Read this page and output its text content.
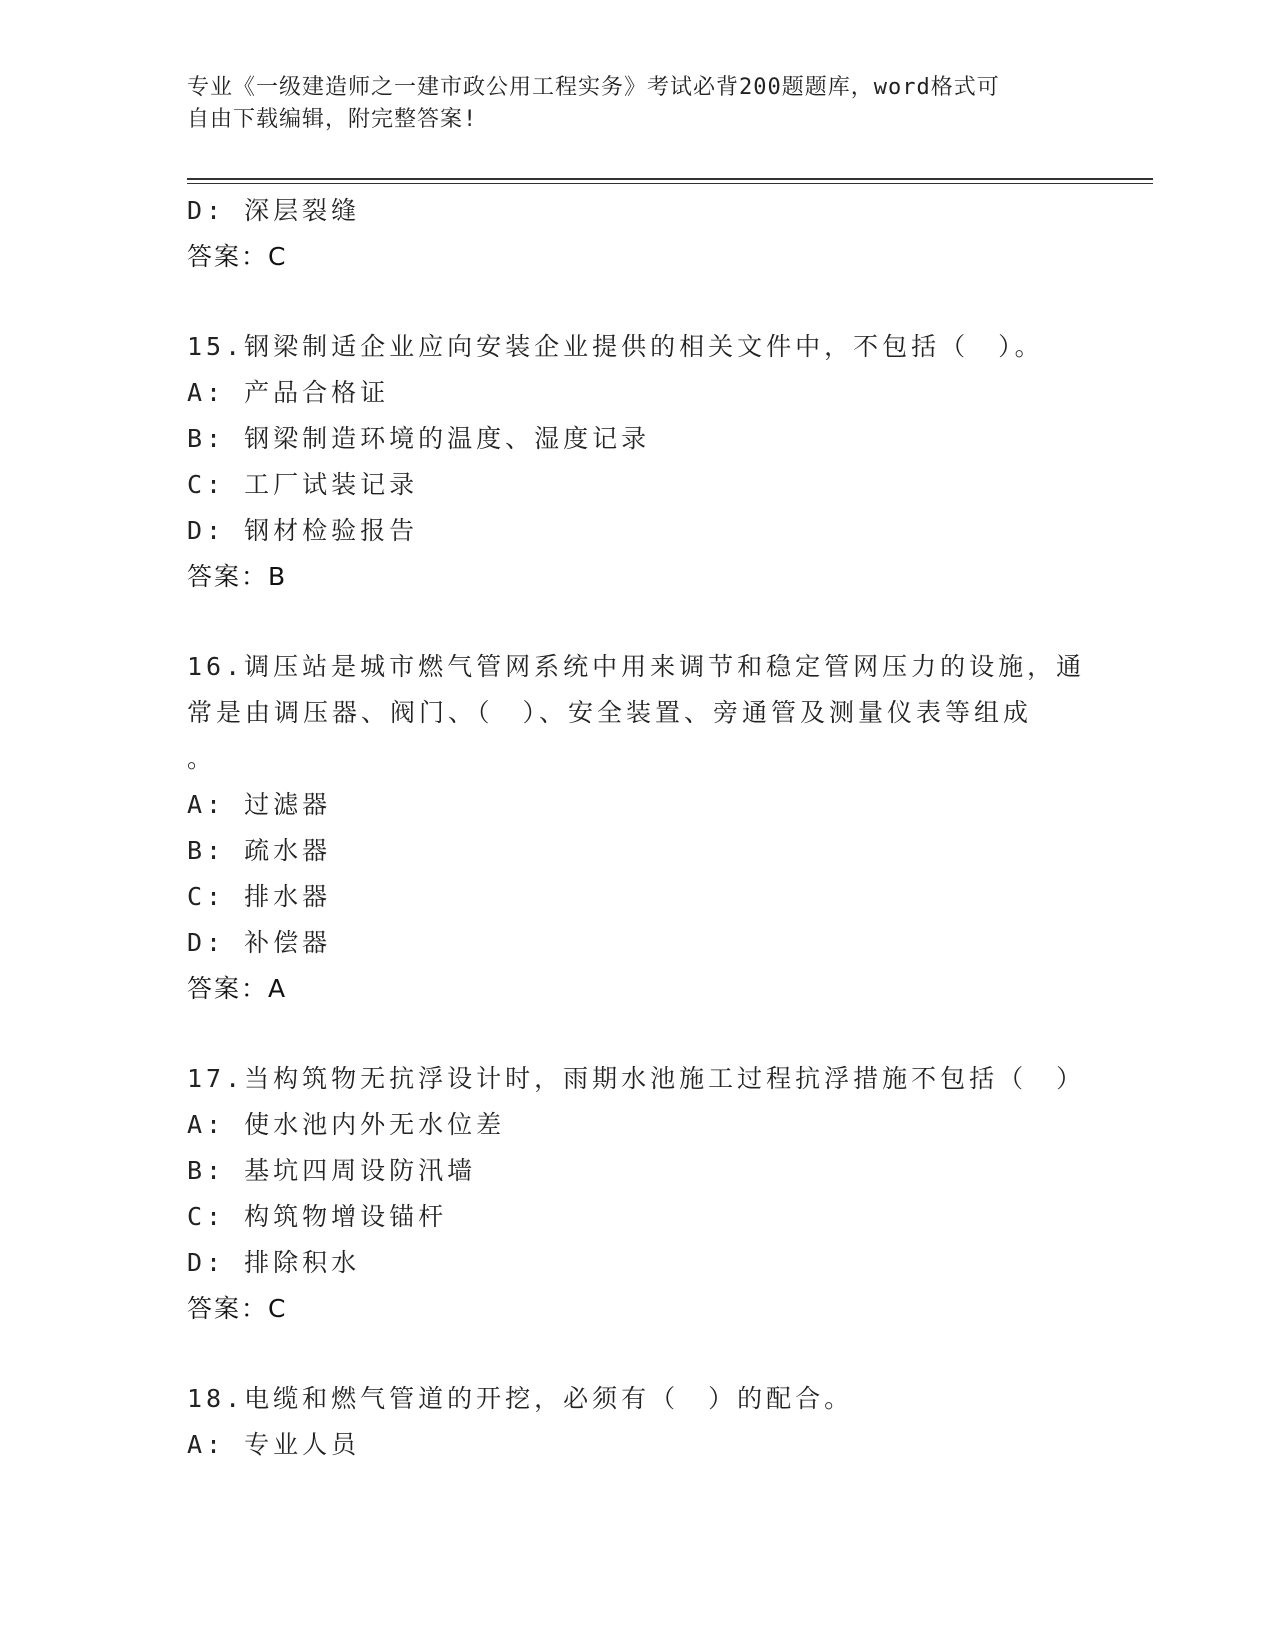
专业《一级建造师之一建市政公用工程实务》考试必背200题题库，word格式可
自由下载编辑，附完整答案!
D: 深层裂缝
答案：C
15.钢梁制适企业应向安装企业提供的相关文件中，不包括（　）。
A: 产品合格证
B: 钢梁制造环境的温度、湿度记录
C: 工厂试装记录
D: 钢材检验报告
答案：B
16.调压站是城市燃气管网系统中用来调节和稳定管网压力的设施，通
常是由调压器、阀门、（　）、安全装置、旁通管及测量仪表等组成
。
A: 过滤器
B: 疏水器
C: 排水器
D: 补偿器
答案：A
17.当构筑物无抗浮设计时，雨期水池施工过程抗浮措施不包括（　）
A: 使水池内外无水位差
B: 基坑四周设防汛墙
C: 构筑物增设锚杆
D: 排除积水
答案：C
18.电缆和燃气管道的开挖，必须有（　）的配合。
A: 专业人员
